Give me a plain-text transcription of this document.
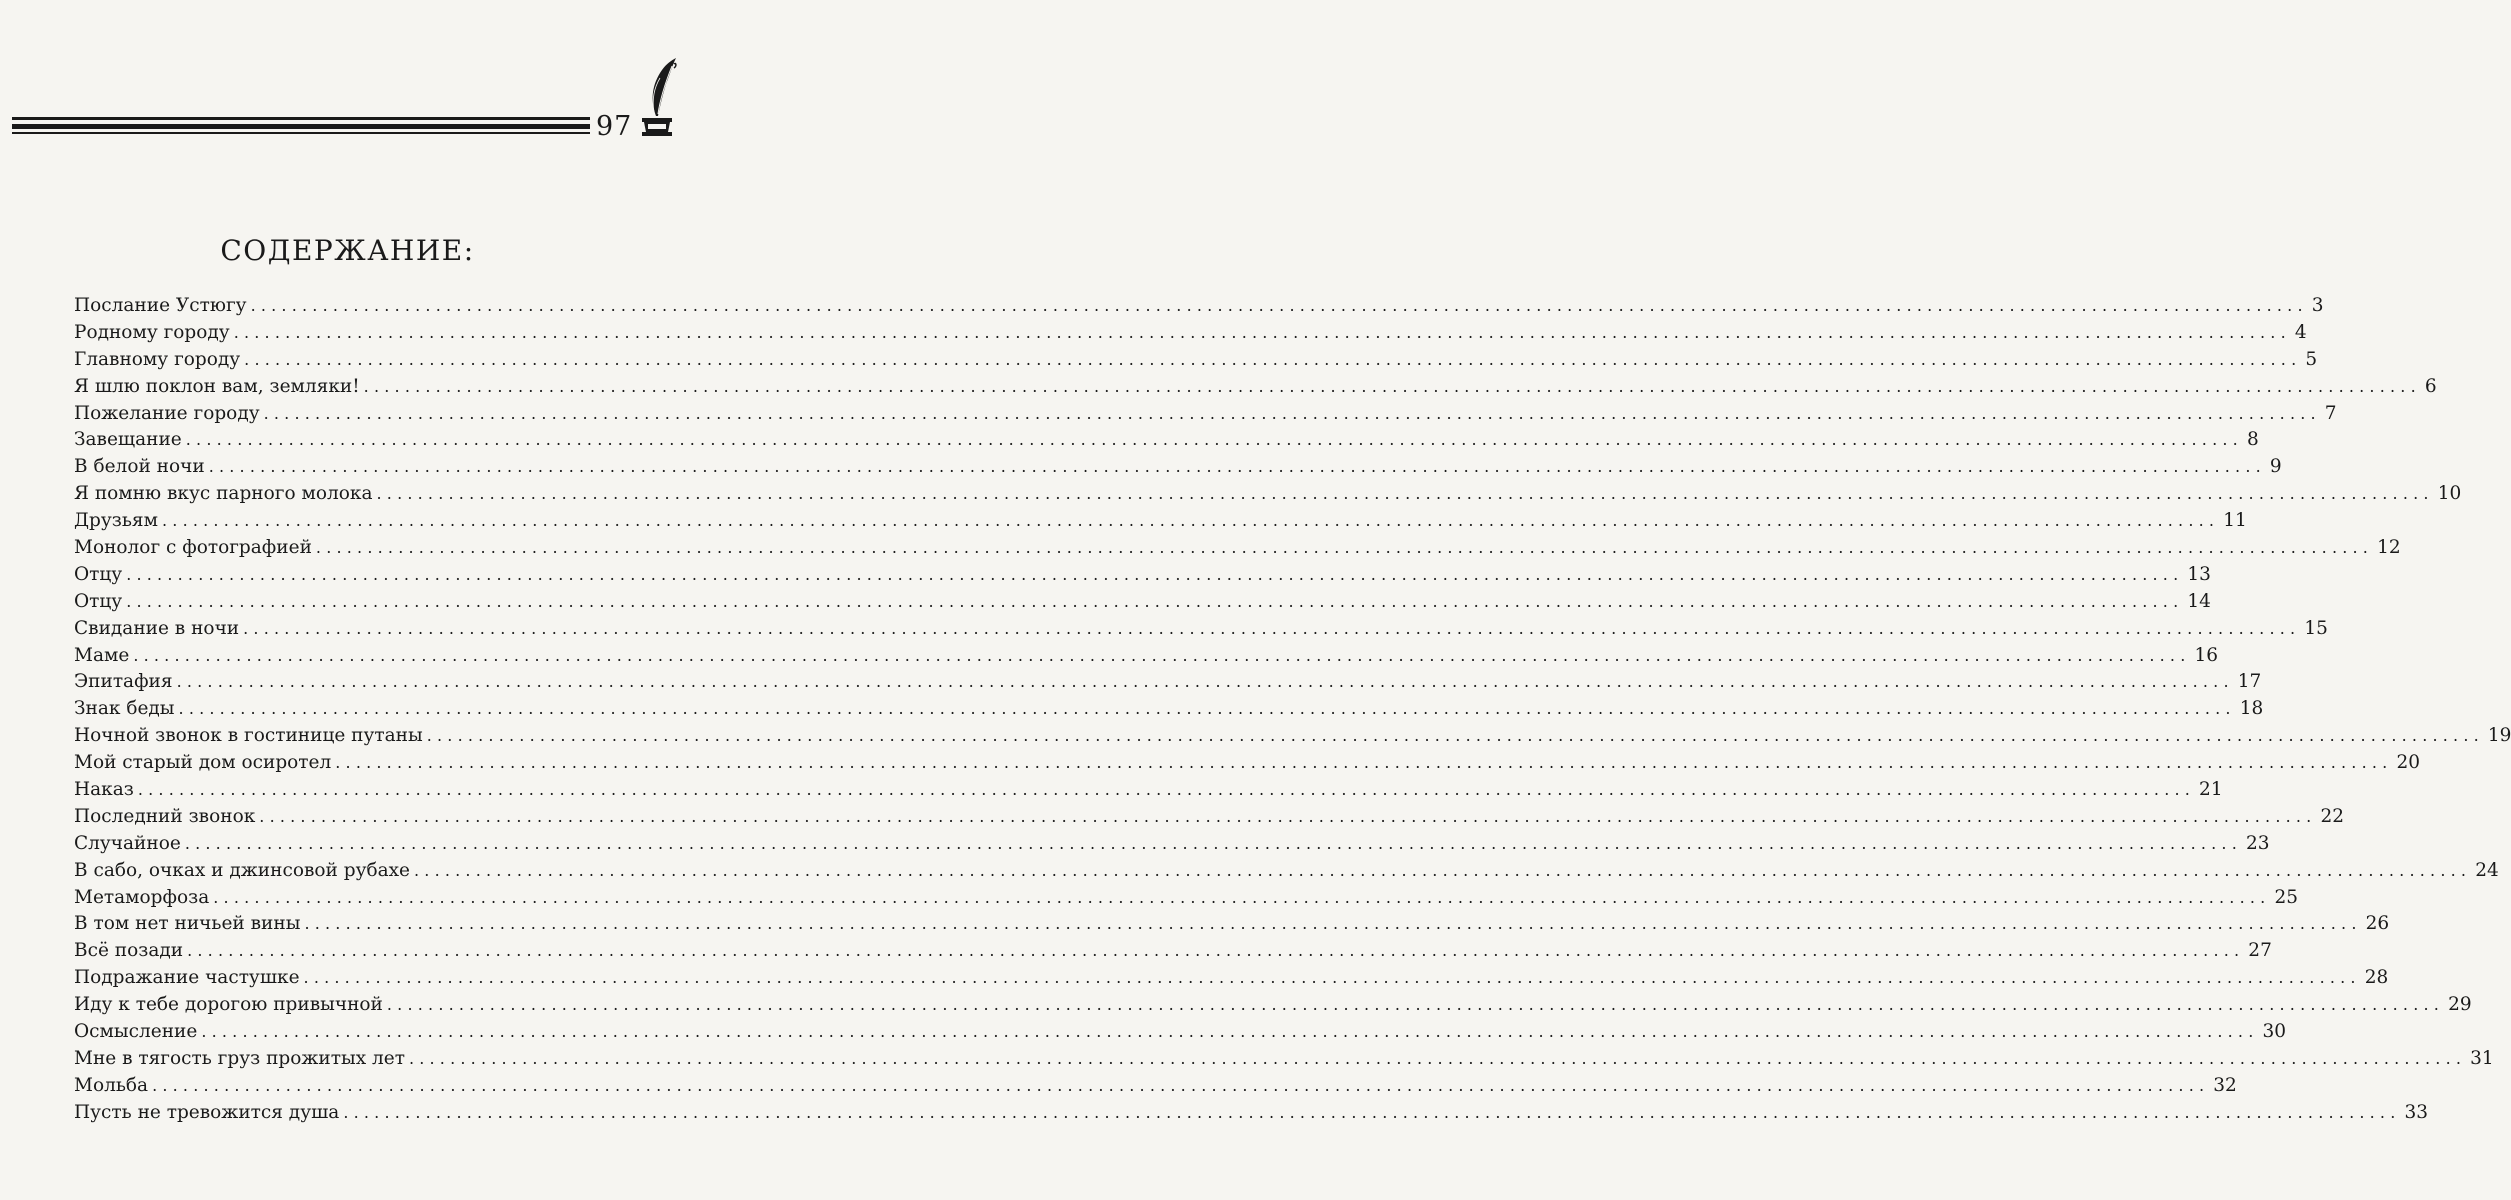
97
СОДЕРЖАНИЕ:
Послание Устюгу ........................................................................................................................................................................................................ 3
Родному городу ........................................................................................................................................................................................................ 4
Главному городу ........................................................................................................................................................................................................ 5
Я шлю поклон вам, земляки! ........................................................................................................................................................................................................ 6
Пожелание городу ........................................................................................................................................................................................................ 7
Завещание ........................................................................................................................................................................................................ 8
В белой ночи ........................................................................................................................................................................................................ 9
Я помню вкус парного молока ........................................................................................................................................................................................................ 10
Друзьям ........................................................................................................................................................................................................ 11
Монолог с фотографией ........................................................................................................................................................................................................ 12
Отцу ........................................................................................................................................................................................................ 13
Отцу ........................................................................................................................................................................................................ 14
Свидание в ночи ........................................................................................................................................................................................................ 15
Маме ........................................................................................................................................................................................................ 16
Эпитафия ........................................................................................................................................................................................................ 17
Знак беды ........................................................................................................................................................................................................ 18
Ночной звонок в гостинице путаны ........................................................................................................................................................................................................ 19
Мой старый дом осиротел ........................................................................................................................................................................................................ 20
Наказ ........................................................................................................................................................................................................ 21
Последний звонок ........................................................................................................................................................................................................ 22
Случайное ........................................................................................................................................................................................................ 23
В сабо, очках и джинсовой рубахе ........................................................................................................................................................................................................ 24
Метаморфоза ........................................................................................................................................................................................................ 25
В том нет ничьей вины ........................................................................................................................................................................................................ 26
Всё позади ........................................................................................................................................................................................................ 27
Подражание частушке ........................................................................................................................................................................................................ 28
Иду к тебе дорогою привычной ........................................................................................................................................................................................................ 29
Осмысление ........................................................................................................................................................................................................ 30
Мне в тягость груз прожитых лет ........................................................................................................................................................................................................ 31
Мольба ........................................................................................................................................................................................................ 32
Пусть не тревожится душа ........................................................................................................................................................................................................ 33
